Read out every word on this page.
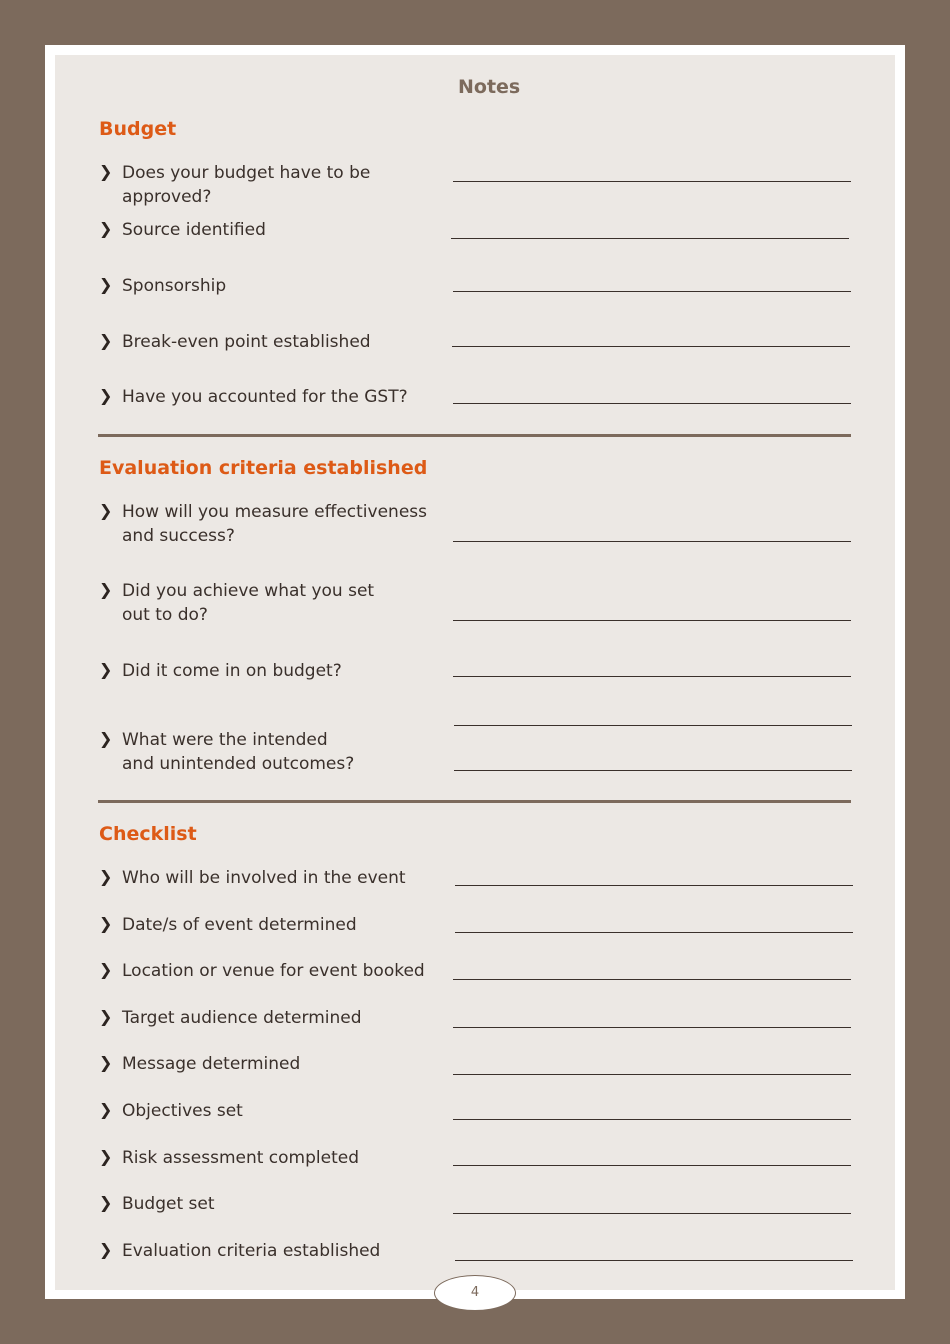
Notes
Budget
❯ Does your budget have to be approved?
❯ Source identified
❯ Sponsorship
❯ Break-even point established
❯ Have you accounted for the GST?
Evaluation criteria established
❯ How will you measure effectiveness and success?
❯ Did you achieve what you set out to do?
❯ Did it come in on budget?
❯ What were the intended and unintended outcomes?
Checklist
❯ Who will be involved in the event
❯ Date/s of event determined
❯ Location or venue for event booked
❯ Target audience determined
❯ Message determined
❯ Objectives set
❯ Risk assessment completed
❯ Budget set
❯ Evaluation criteria established
4
